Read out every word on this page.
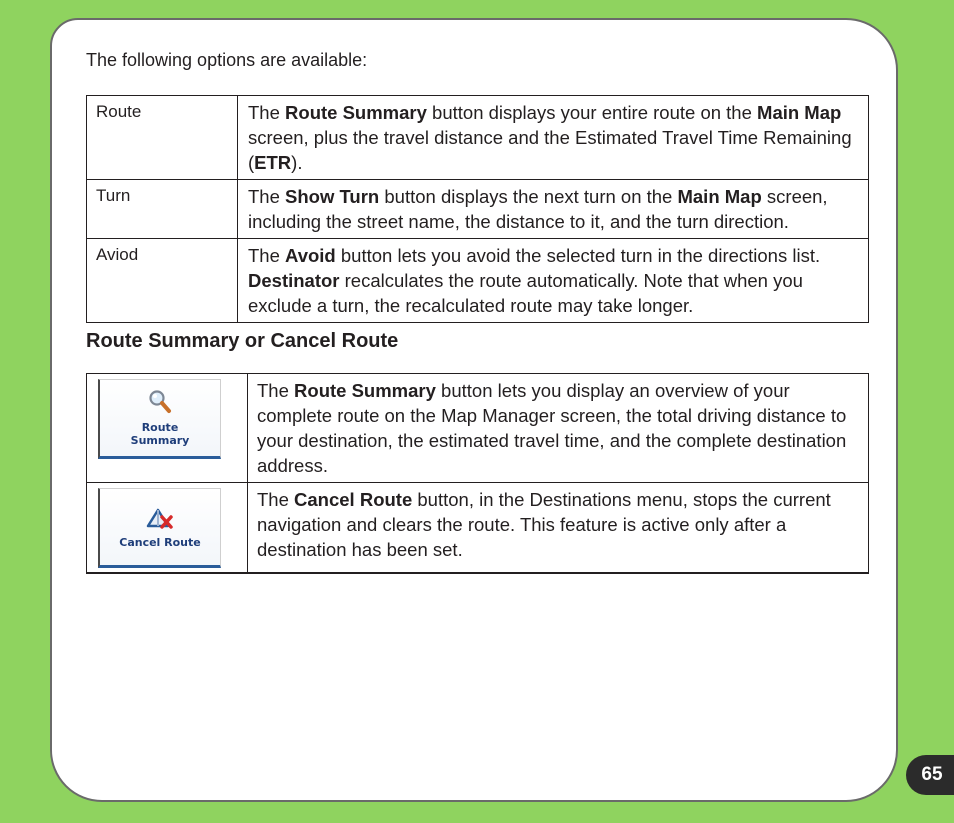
The following options are available:
Route	The Route Summary button displays your entire route on the Main Map screen, plus the travel distance and the Estimated Travel Time Remaining (ETR).
Turn	The Show Turn button displays the next turn on the Main Map screen, including the street name, the distance to it, and the turn direction.
Aviod	The Avoid button lets you avoid the selected turn in the directions list. Destinator recalculates the route automatically. Note that when you exclude a turn, the recalculated route may take longer.
Route Summary or Cancel Route
Route
Summary	The Route Summary button lets you display an overview of your complete route on the Map Manager screen, the total driving distance to your destination, the estimated travel time, and the complete destination address.

Cancel Route	The Cancel Route button, in the Destinations menu, stops the current navigation and clears the route. This feature is active only after a destination has been set.
65
